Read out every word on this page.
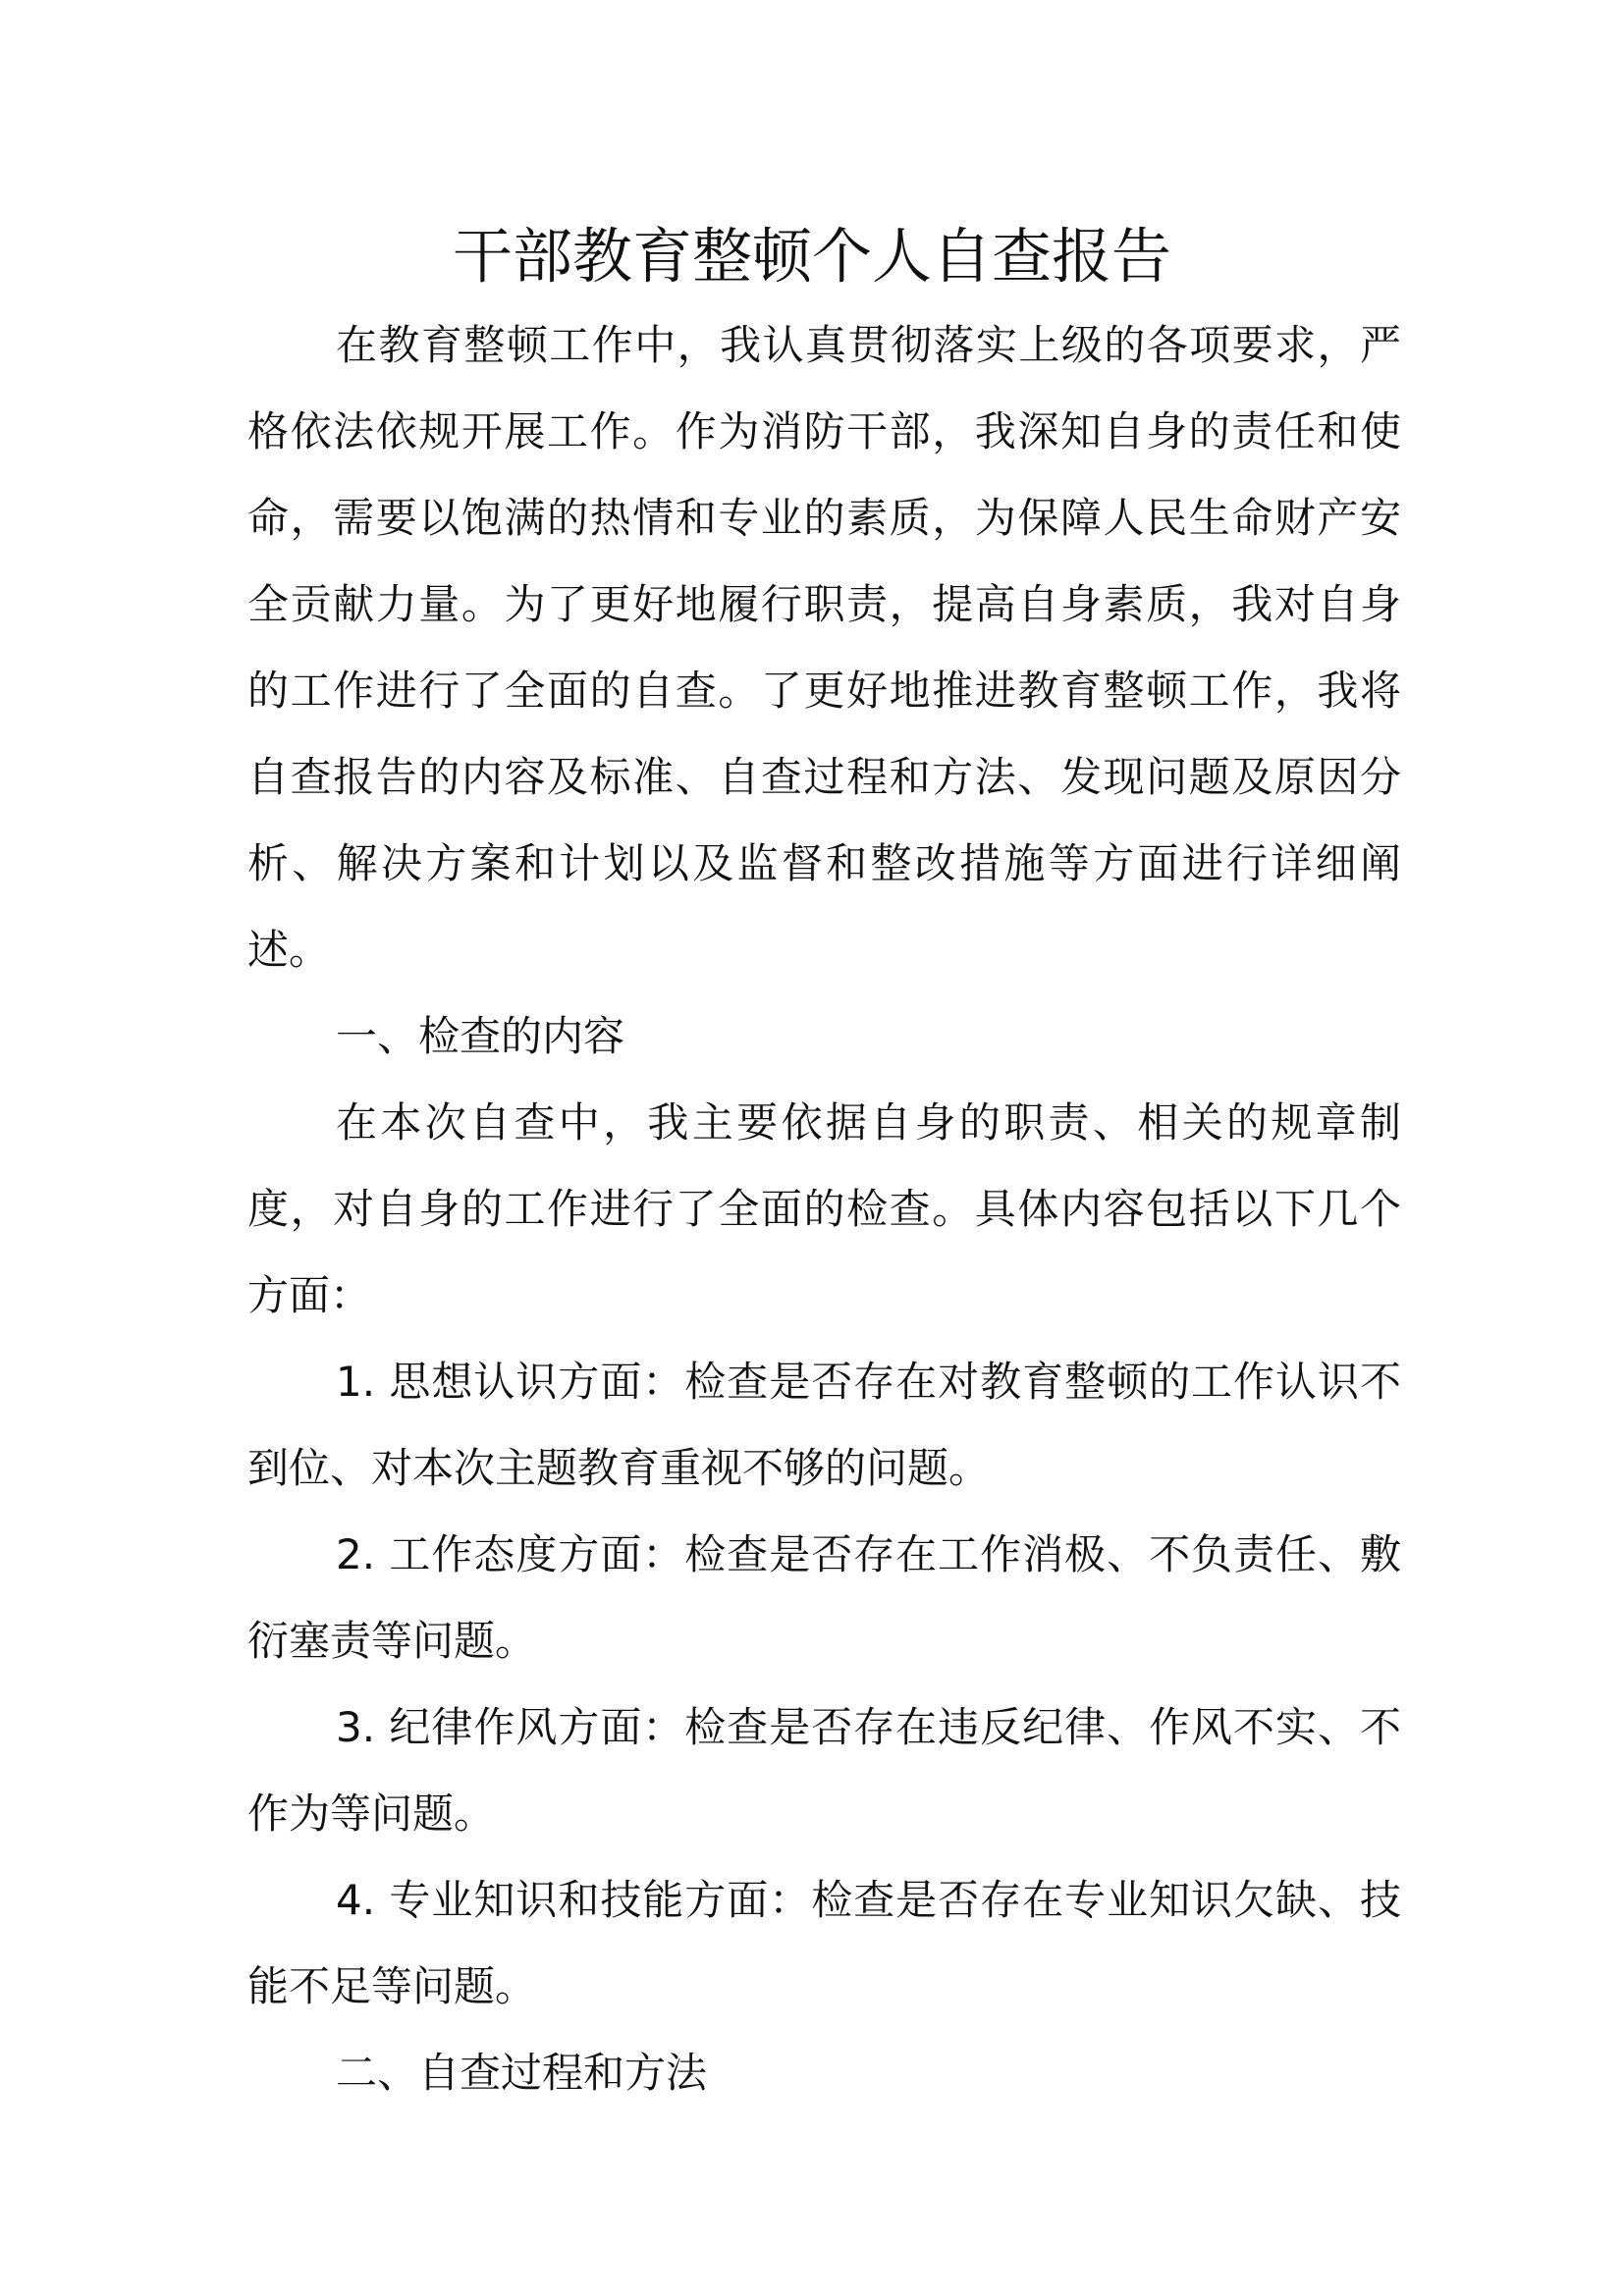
干部教育整顿个人自查报告

在教育整顿工作中，我认真贯彻落实上级的各项要求，严格依法依规开展工作。作为消防干部，我深知自身的责任和使命，需要以饱满的热情和专业的素质，为保障人民生命财产安全贡献力量。为了更好地履行职责，提高自身素质，我对自身的工作进行了全面的自查。了更好地推进教育整顿工作，我将自查报告的内容及标准、自查过程和方法、发现问题及原因分析、解决方案和计划以及监督和整改措施等方面进行详细阐述。

一、检查的内容

在本次自查中，我主要依据自身的职责、相关的规章制度，对自身的工作进行了全面的检查。具体内容包括以下几个方面：

1. 思想认识方面：检查是否存在对教育整顿的工作认识不到位、对本次主题教育重视不够的问题。

2. 工作态度方面：检查是否存在工作消极、不负责任、敷衍塞责等问题。

3. 纪律作风方面：检查是否存在违反纪律、作风不实、不作为等问题。

4. 专业知识和技能方面：检查是否存在专业知识欠缺、技能不足等问题。

二、自查过程和方法
